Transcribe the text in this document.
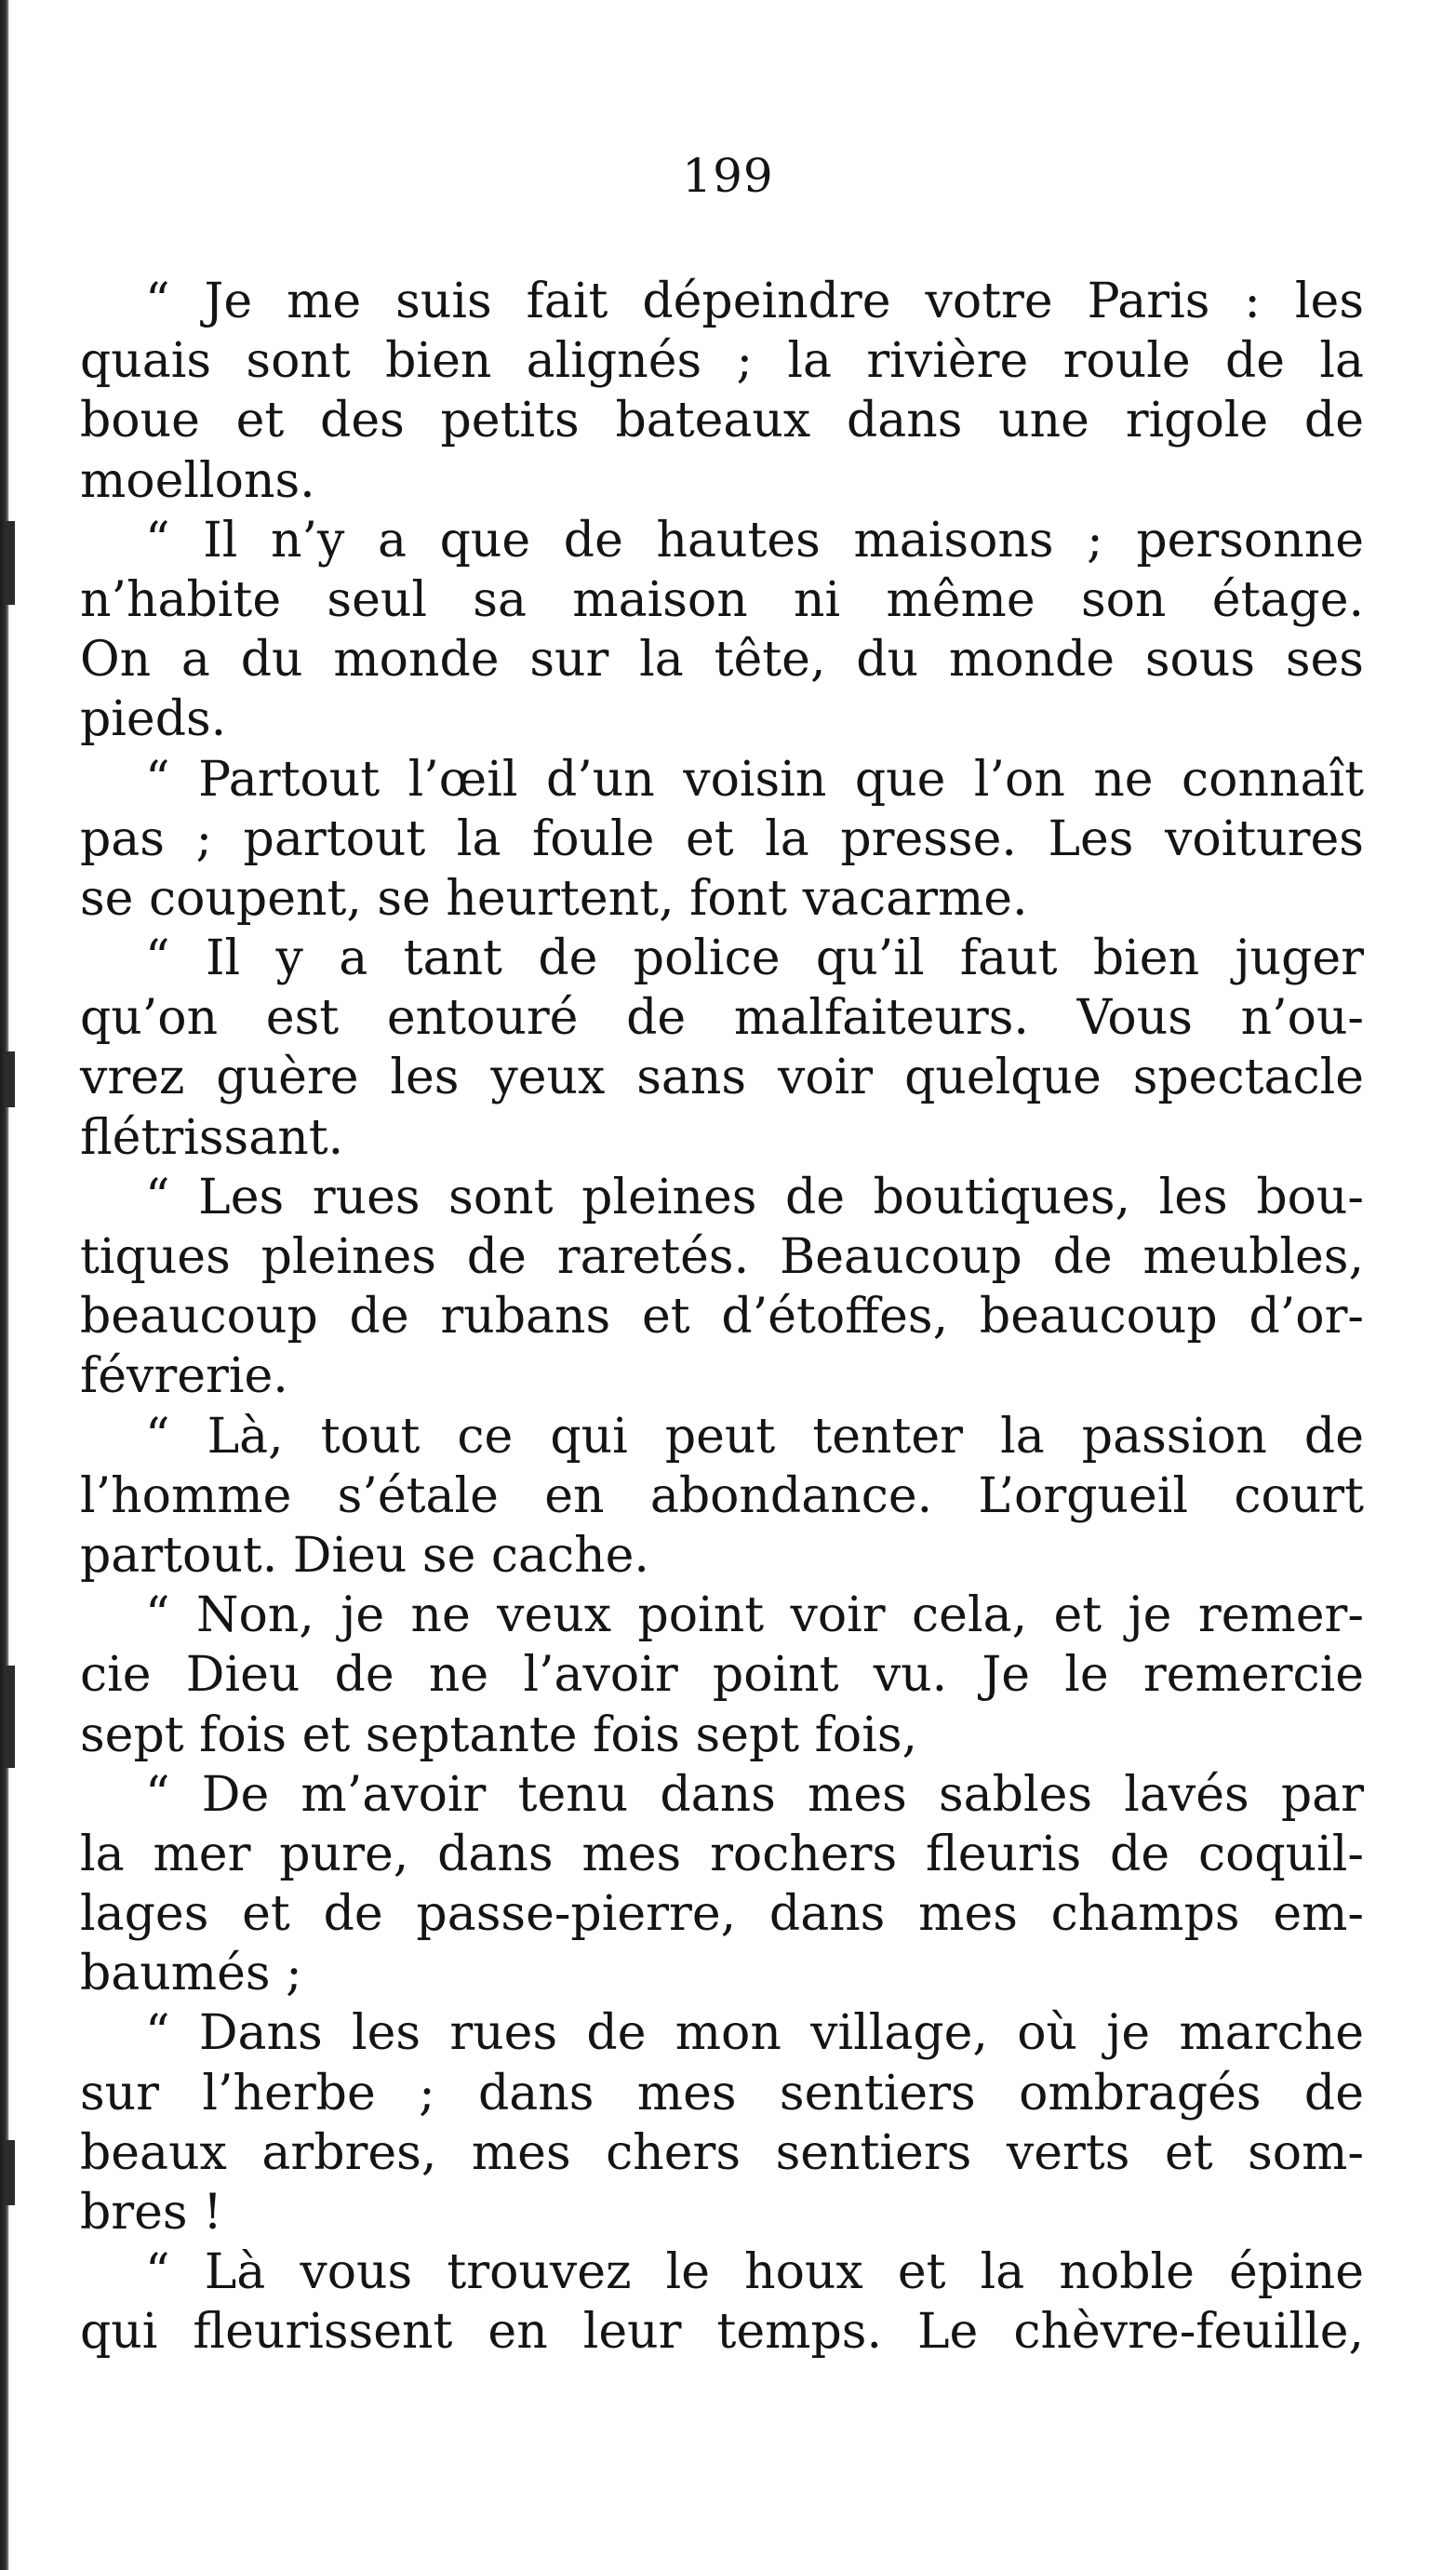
199
“ Je me suis fait dépeindre votre Paris : les
quais sont bien alignés ; la rivière roule de la
boue et des petits bateaux dans une rigole de
moellons.
“ Il n’y a que de hautes maisons ; personne
n’habite seul sa maison ni même son étage.
On a du monde sur la tête, du monde sous ses
pieds.
“ Partout l’œil d’un voisin que l’on ne connaît
pas ; partout la foule et la presse. Les voitures
se coupent, se heurtent, font vacarme.
“ Il y a tant de police qu’il faut bien juger
qu’on est entouré de malfaiteurs. Vous n’ou-
vrez guère les yeux sans voir quelque spectacle
flétrissant.
“ Les rues sont pleines de boutiques, les bou-
tiques pleines de raretés. Beaucoup de meubles,
beaucoup de rubans et d’étoffes, beaucoup d’or-
févrerie.
“ Là, tout ce qui peut tenter la passion de
l’homme s’étale en abondance. L’orgueil court
partout. Dieu se cache.
“ Non, je ne veux point voir cela, et je remer-
cie Dieu de ne l’avoir point vu. Je le remercie
sept fois et septante fois sept fois,
“ De m’avoir tenu dans mes sables lavés par
la mer pure, dans mes rochers fleuris de coquil-
lages et de passe-pierre, dans mes champs em-
baumés ;
“ Dans les rues de mon village, où je marche
sur l’herbe ; dans mes sentiers ombragés de
beaux arbres, mes chers sentiers verts et som-
bres !
“ Là vous trouvez le houx et la noble épine
qui fleurissent en leur temps. Le chèvre-feuille,
